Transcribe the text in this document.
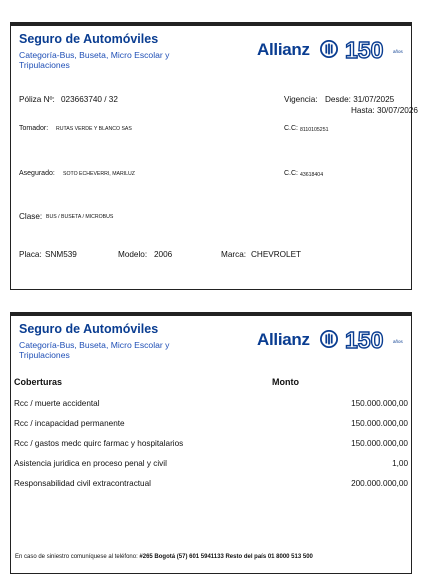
Seguro de Automóviles
Categoría-Bus, Buseta, Micro Escolar y Tripulaciones
Allianz 150 años
Póliza Nº: 023663740 / 32	Vigencia: Desde: 31/07/2025
Hasta: 30/07/2026
Tomador: RUTAS VERDE Y BLANCO SAS	C.C: 8110105251
Asegurado: SOTO ECHEVERRI, MARILUZ	C.C: 43618404
Clase: BUS / BUSETA / MICROBUS
Placa: SNM539	Modelo: 2006	Marca: CHEVROLET
Seguro de Automóviles
Categoría-Bus, Buseta, Micro Escolar y Tripulaciones
Allianz 150 años
Coberturas	Monto
Rcc / muerte accidental	150.000.000,00
Rcc / incapacidad permanente	150.000.000,00
Rcc / gastos medc quirc farmac y hospitalarios	150.000.000,00
Asistencia juridica en proceso penal y civil	1,00
Responsabilidad civil extracontractual	200.000.000,00
En caso de siniestro comuníquese al teléfono: #265 Bogotá (57) 601 5941133 Resto del país 01 8000 513 500
